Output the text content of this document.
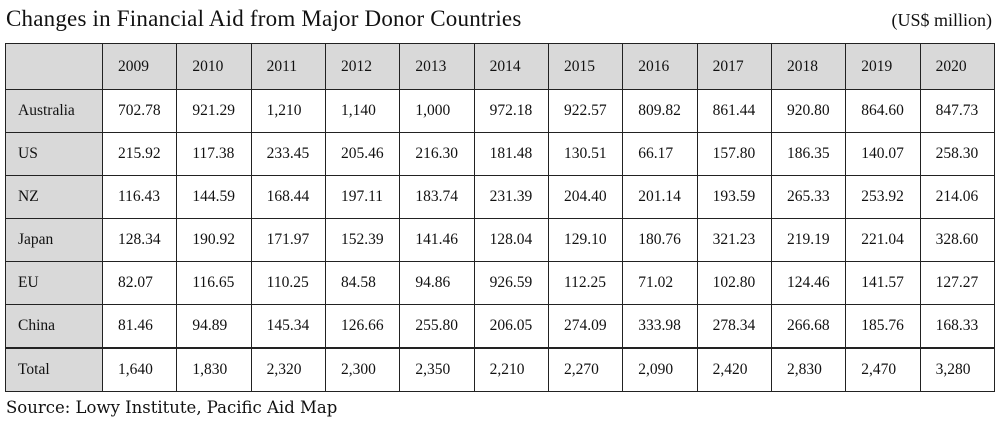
Changes in Financial Aid from Major Donor Countries	(US$ million)
	2009	2010	2011	2012	2013	2014	2015	2016	2017	2018	2019	2020
Australia	702.78	921.29	1,210	1,140	1,000	972.18	922.57	809.82	861.44	920.80	864.60	847.73
US	215.92	117.38	233.45	205.46	216.30	181.48	130.51	66.17	157.80	186.35	140.07	258.30
NZ	116.43	144.59	168.44	197.11	183.74	231.39	204.40	201.14	193.59	265.33	253.92	214.06
Japan	128.34	190.92	171.97	152.39	141.46	128.04	129.10	180.76	321.23	219.19	221.04	328.60
EU	82.07	116.65	110.25	84.58	94.86	926.59	112.25	71.02	102.80	124.46	141.57	127.27
China	81.46	94.89	145.34	126.66	255.80	206.05	274.09	333.98	278.34	266.68	185.76	168.33
Total	1,640	1,830	2,320	2,300	2,350	2,210	2,270	2,090	2,420	2,830	2,470	3,280
Source: Lowy Institute, Pacific Aid Map
